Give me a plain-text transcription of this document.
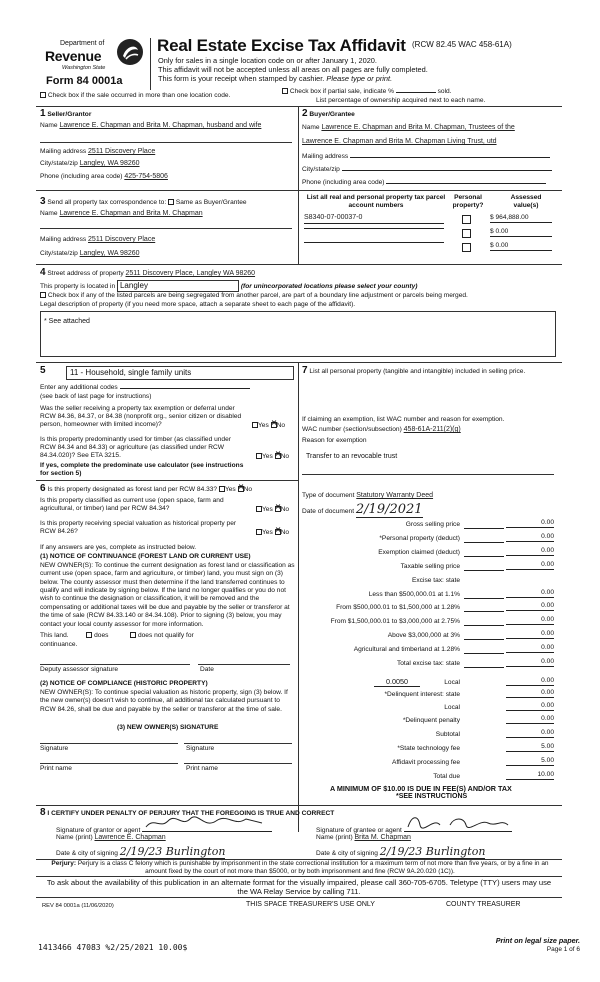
Department of
Revenue
Washington State
Form 84 0001a
Real Estate Excise Tax Affidavit (RCW 82.45 WAC 458-61A)
Only for sales in a single location code on or after January 1, 2020.
This affidavit will not be accepted unless all areas on all pages are fully completed.
This form is your receipt when stamped by cashier. Please type or print.
Check box if the sale occurred in more than one location code.
Check box if partial sale, indicate %	sold.
List percentage of ownership acquired next to each name.
1 Seller/Grantor
Name Lawrence E. Chapman and Brita M. Chapman, husband and wife
Mailing address 2511 Discovery Place
City/state/zip Langley, WA 98260
Phone (including area code) 425-754-5806
2 Buyer/Grantee
Name Lawrence E. Chapman and Brita M. Chapman, Trustees of the
Lawrence E. Chapman and Brita M. Chapman Living Trust, utd
Mailing address
City/state/zip
Phone (including area code)
3 Send all property tax correspondence to: Same as Buyer/Grantee
Name Lawrence E. Chapman and Brita M. Chapman
Mailing address 2511 Discovery Place
City/state/zip Langley, WA 98260
List all real and personal property tax parcel account numbers
Personal property?
Assessed value(s)
S8340-07-00037-0	$ 964,888.00
$ 0.00
$ 0.00
4 Street address of property 2511 Discovery Place, Langley WA 98260
This property is located in Langley	(for unincorporated locations please select your county)
Check box if any of the listed parcels are being segregated from another parcel, are part of a boundary line adjustment or parcels being merged.
Legal description of property (if you need more space, attach a separate sheet to each page of the affidavit).
* See attached
5	11 - Household, single family units
Enter any additional codes
(see back of last page for instructions)
Was the seller receiving a property tax exemption or deferral under RCW 84.36, 84.37, or 84.38 (nonprofit org., senior citizen or disabled person, homeowner with limited income)?	Yes ✕ No
Is this property predominantly used for timber (as classified under RCW 84.34 and 84.33) or agriculture (as classified under RCW 84.34.020)? See ETA 3215.	Yes ✕ No
If yes, complete the predominate use calculator (see instructions for section 5)
6 Is this property designated as forest land per RCW 84.33? Yes ✕ No
Is this property classified as current use (open space, farm and agricultural, or timber) land per RCW 84.34?	Yes ✕ No
Is this property receiving special valuation as historical property per RCW 84.26?	Yes ✕ No
If any answers are yes, complete as instructed below.
(1) NOTICE OF CONTINUANCE (FOREST LAND OR CURRENT USE)
NEW OWNER(S): To continue the current designation as forest land or classification as current use (open space, farm and agriculture, or timber) land, you must sign on (3) below. The county assessor must then determine if the land transferred continues to qualify and will indicate by signing below. If the land no longer qualifies or you do not wish to continue the designation or classification, it will be removed and the compensating or additional taxes will be due and payable by the seller or transferor at the time of sale (RCW 84.33.140 or 84.34.108). Prior to signing (3) below, you may contact your local county assessor for more information.
This land.	does	does not qualify for
continuance.
Deputy assessor signature	Date
(2) NOTICE OF COMPLIANCE (HISTORIC PROPERTY)
NEW OWNER(S): To continue special valuation as historic property, sign (3) below. If the new owner(s) doesn't wish to continue, all additional tax calculated pursuant to RCW 84.26, shall be due and payable by the seller or transferor at the time of sale.
(3) NEW OWNER(S) SIGNATURE
Signature	Signature
Print name	Print name
7 List all personal property (tangible and intangible) included in selling price.
If claiming an exemption, list WAC number and reason for exemption.
WAC number (section/subsection) 458-61A-211(2)(g)
Reason for exemption
Transfer to an revocable trust
Type of document Statutory Warranty Deed
Date of document 2/19/2021
Gross selling price	0.00
*Personal property (deduct)	0.00
Exemption claimed (deduct)	0.00
Taxable selling price	0.00
Excise tax: state
Less than $500,000.01 at 1.1%	0.00
From $500,000.01 to $1,500,000 at 1.28%	0.00
From $1,500,000.01 to $3,000,000 at 2.75%	0.00
Above $3,000,000 at 3%	0.00
Agricultural and timberland at 1.28%	0.00
Total excise tax: state	0.00
0.0050	Local	0.00
*Delinquent interest: state	0.00
Local	0.00
*Delinquent penalty	0.00
Subtotal	0.00
*State technology fee	5.00
Affidavit processing fee	5.00
Total due	10.00
A MINIMUM OF $10.00 IS DUE IN FEE(S) AND/OR TAX
*SEE INSTRUCTIONS
8 I CERTIFY UNDER PENALTY OF PERJURY THAT THE FOREGOING IS TRUE AND CORRECT
Signature of grantor or agent
Name (print) Lawrence E. Chapman
Date & city of signing 2/19/23 Burlington
Signature of grantee or agent
Name (print) Brita M. Chapman
Date & city of signing 2/19/23 Burlington
Perjury: Perjury is a class C felony which is punishable by imprisonment in the state correctional institution for a maximum term of not more than five years, or by a fine in an amount fixed by the court of not more than $5000, or by both imprisonment and fine (RCW 9A.20.020 (1C)).
To ask about the availability of this publication in an alternate format for the visually impaired, please call 360-705-6705. Teletype (TTY) users may use the WA Relay Service by calling 711.
REV 84 0001a (11/06/2020)	THIS SPACE TREASURER'S USE ONLY	COUNTY TREASURER
1413466 47083 %2/25/2021 10.00$
Print on legal size paper.
Page 1 of 6
